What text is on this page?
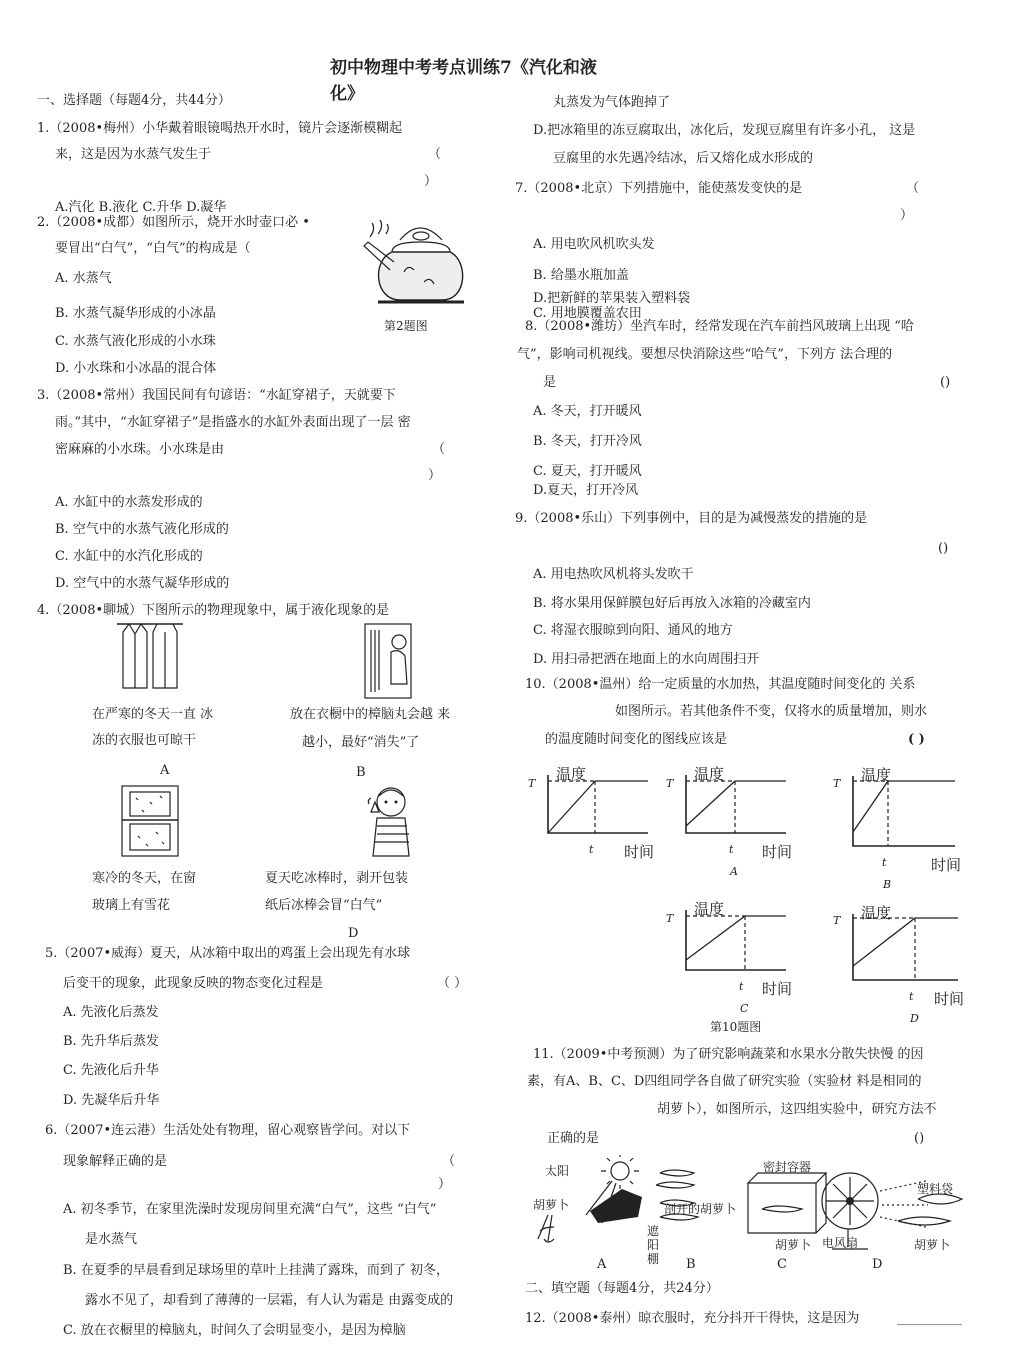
初中物理中考考点训练7《汽化和液
化》
一、选择题（每题4分，共44分）
1.（2008•梅州）小华戴着眼镜喝热开水时，镜片会逐渐模糊起
来，这是因为水蒸气发生于	（
）
A.汽化 B.液化 C.升华 D.凝华
2.（2008•成都）如图所示，烧开水时壶口必 •
要冒出“白气”，“白气”的构成是（
A. 水蒸气
B. 水蒸气凝华形成的小冰晶
C. 水蒸气液化形成的小水珠
D. 小水珠和小冰晶的混合体
第2题图
3.（2008•常州）我国民间有句谚语：“水缸穿裙子，天就要下
雨。”其中，“水缸穿裙子”是指盛水的水缸外表面出现了一层 密
密麻麻的小水珠。小水珠是由	（
）
A. 水缸中的水蒸发形成的
B. 空气中的水蒸气液化形成的
C. 水缸中的水汽化形成的
D. 空气中的水蒸气凝华形成的
4.（2008•聊城）下图所示的物理现象中，属于液化现象的是
在严寒的冬天一直 冰
冻的衣服也可晾干
A
放在衣橱中的樟脑丸会越 来
越小，最好“消失”了
B
寒冷的冬天，在窗
玻璃上有雪花
夏天吃冰棒时，剥开包装
纸后冰棒会冒“白气”
D
5.（2007•威海）夏天，从冰箱中取出的鸡蛋上会出现先有水球
后变干的现象，此现象反映的物态变化过程是	（ ）
A. 先液化后蒸发
B. 先升华后蒸发
C. 先液化后升华
D. 先凝华后升华
6.（2007•连云港）生活处处有物理，留心观察皆学问。对以下
现象解释正确的是	（
）
A. 初冬季节，在家里洗澡时发现房间里充满“白气”，这些 “白气”
是水蒸气
B. 在夏季的早晨看到足球场里的草叶上挂满了露珠，而到了 初冬，
露水不见了，却看到了薄薄的一层霜，有人认为霜是 由露变成的
C. 放在衣橱里的樟脑丸，时间久了会明显变小，是因为樟脑
丸蒸发为气体跑掉了
D.把冰箱里的冻豆腐取出，冰化后，发现豆腐里有许多小孔， 这是
豆腐里的水先遇冷结冰，后又熔化成水形成的
7.（2008•北京）下列措施中，能使蒸发变快的是	（
）
A. 用电吹风机吹头发
B. 给墨水瓶加盖
D.把新鲜的苹果装入塑料袋
C. 用地膜覆盖农田
8.（2008•潍坊）坐汽车时，经常发现在汽车前挡风玻璃上出现 “哈
气”，影响司机视线。要想尽快消除这些“哈气”，下列方 法合理的
是	()
A. 冬天，打开暖风
B. 冬天，打开冷风
C. 夏天，打开暖风
D.夏天，打开冷风
9.（2008•乐山）下列事例中，目的是为减慢蒸发的措施的是
()
A. 用电热吹风机将头发吹干
B. 将水果用保鲜膜包好后再放入冰箱的冷藏室内
C. 将湿衣服晾到向阳、通风的地方
D. 用扫帚把洒在地面上的水向周围扫开
10.（2008•温州）给一定质量的水加热，其温度随时间变化的 关系
如图所示。若其他条件不变，仅将水的质量增加，则水
的温度随时间变化的图线应该是	( )
温度
时间
T
t
温度
时间
T
t
A
温度
时间
T
t
B
温度
时间
T
t
C
温度
时间
T
t
D
第10题图
11.（2009•中考预测）为了研究影响蔬菜和水果水分散失快慢 的因
素，有A、B、C、D四组同学各自做了研究实验（实验材 料是相同的
胡萝卜），如图所示，这四组实验中，研究方法不
正确的是	()
太阳
胡萝卜
遮
阳
棚
剖开的胡萝卜
密封容器
胡萝卜 电风扇
塑料袋
胡萝卜
A	B	C	D
二、填空题（每题4分，共24分）
12.（2008•泰州）晾衣服时，充分抖开干得快，这是因为	__________
